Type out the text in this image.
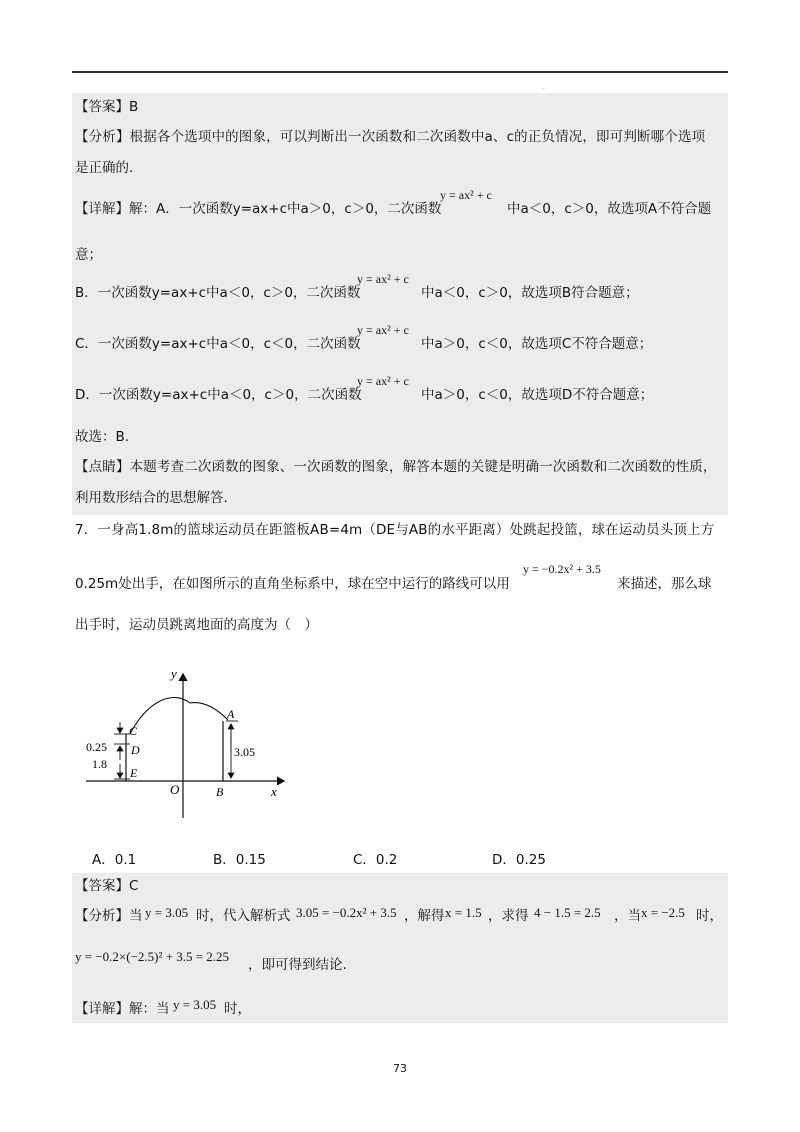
.
【答案】B
【分析】根据各个选项中的图象，可以判断出一次函数和二次函数中a、c的正负情况，即可判断哪个选项
是正确的.
【详解】解：A．一次函数y=ax+c中a＞0，c＞0，二次函数
y = ax² + c
中a＜0，c＞0，故选项A不符合题
意；
B．一次函数y=ax+c中a＜0，c＞0，二次函数
y = ax² + c
中a＜0，c＞0，故选项B符合题意；
C．一次函数y=ax+c中a＜0，c＜0，二次函数
y = ax² + c
中a＞0，c＜0，故选项C不符合题意；
D．一次函数y=ax+c中a＜0，c＞0，二次函数
y = ax² + c
中a＞0，c＜0，故选项D不符合题意；
故选：B.
【点睛】本题考查二次函数的图象、一次函数的图象，解答本题的关键是明确一次函数和二次函数的性质，
利用数形结合的思想解答.
7．一身高1.8m的篮球运动员在距篮板AB=4m（DE与AB的水平距离）处跳起投篮，球在运动员头顶上方
0.25m处出手，在如图所示的直角坐标系中，球在空中运行的路线可以用
y = −0.2x² + 3.5
来描述，那么球
出手时，运动员跳离地面的高度为（　）
y
x
O
A
B
3.05
C
D
E
0.25
1.8
A．0.1	B．0.15	C．0.2	D．0.25
【答案】C
【分析】当 y = 3.05 时，代入解析式 3.05 = −0.2x² + 3.5 ，解得 x = 1.5 ，求得 4 − 1.5 = 2.5 ，当 x = −2.5 时，
y = −0.2×(−2.5)² + 3.5 = 2.25
，即可得到结论.
【详解】解：当 y = 3.05 时，
73
